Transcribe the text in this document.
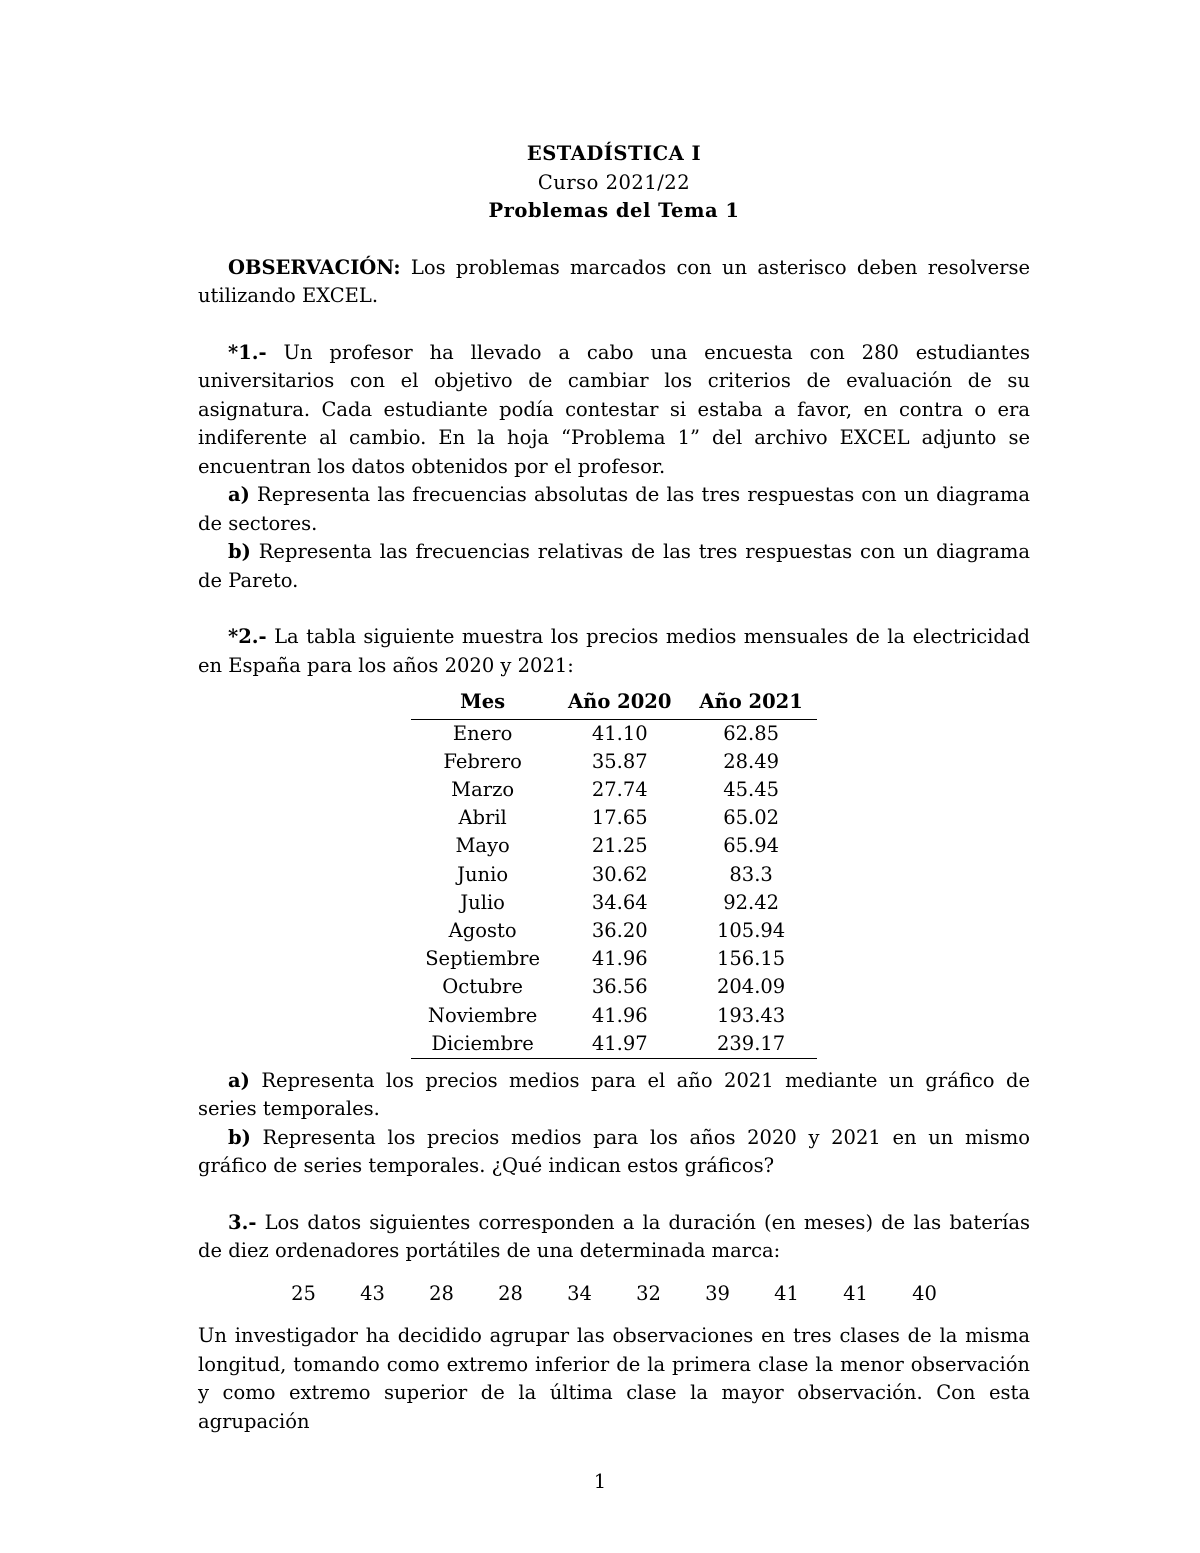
ESTADÍSTICA I
Curso 2021/22
Problemas del Tema 1

OBSERVACIÓN: Los problemas marcados con un asterisco deben resolverse utilizando EXCEL.

*1.- Un profesor ha llevado a cabo una encuesta con 280 estudiantes universitarios con el objetivo de cambiar los criterios de evaluación de su asignatura. Cada estudiante podía contestar si estaba a favor, en contra o era indiferente al cambio. En la hoja “Problema 1” del archivo EXCEL adjunto se encuentran los datos obtenidos por el profesor.

a) Representa las frecuencias absolutas de las tres respuestas con un diagrama de sectores.

b) Representa las frecuencias relativas de las tres respuestas con un diagrama de Pareto.

*2.- La tabla siguiente muestra los precios medios mensuales de la electricidad en España para los años 2020 y 2021:

Mes	Año 2020	Año 2021
Enero	41.10	62.85
Febrero	35.87	28.49
Marzo	27.74	45.45
Abril	17.65	65.02
Mayo	21.25	65.94
Junio	30.62	83.3
Julio	34.64	92.42
Agosto	36.20	105.94
Septiembre	41.96	156.15
Octubre	36.56	204.09
Noviembre	41.96	193.43
Diciembre	41.97	239.17

a) Representa los precios medios para el año 2021 mediante un gráfico de series temporales.

b) Representa los precios medios para los años 2020 y 2021 en un mismo gráfico de series temporales. ¿Qué indican estos gráficos?

3.- Los datos siguientes corresponden a la duración (en meses) de las baterías de diez ordenadores portátiles de una determinada marca:

25	43	28	28	34	32	39	41	41	40

Un investigador ha decidido agrupar las observaciones en tres clases de la misma longitud, tomando como extremo inferior de la primera clase la menor observación y como extremo superior de la última clase la mayor observación. Con esta agrupación

1
